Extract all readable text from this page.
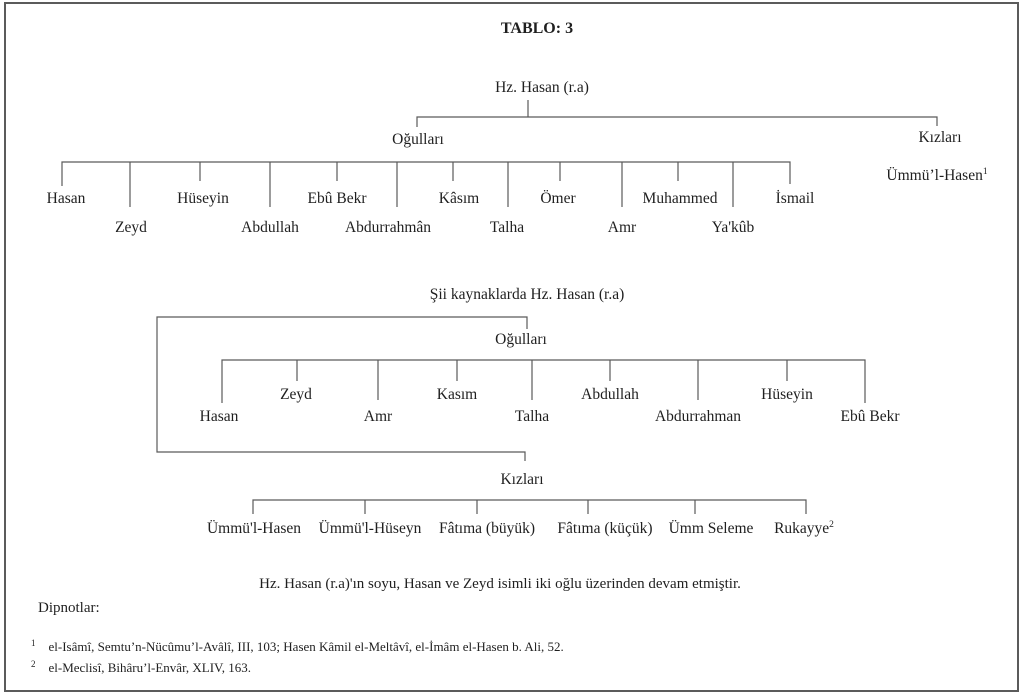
TABLO: 3
Hz. Hasan (r.a)
Oğulları	Kızları
Ümmü’l-Hasen$^1$
Hasan
Zeyd
Hüseyin
Abdullah
Ebû Bekr
Abdurrahmân
Kâsım
Talha
Ömer
Amr
Muhammed
Ya'kûb
İsmail
Şii kaynaklarda Hz. Hasan (r.a)
Oğulları
Hasan
Zeyd
Amr
Kasım
Talha
Abdullah
Abdurrahman
Hüseyin
Ebû Bekr
Kızları
Ümmü'l-Hasen Ümmü'l-Hüseyn Fâtıma (büyük) Fâtıma (küçük) Ümm Seleme Rukayye$^2$
Hz. Hasan (r.a)'ın soyu, Hasan ve Zeyd isimli iki oğlu üzerinden devam etmiştir.
Dipnotlar:
$^1$ el-Isâmî, Semtu’n-Nücûmu’l-Avâlî, III, 103; Hasen Kâmil el-Meltâvî, el-İmâm el-Hasen b. Ali, 52.
$^2$ el-Meclisî, Bihâru’l-Envâr, XLIV, 163.
